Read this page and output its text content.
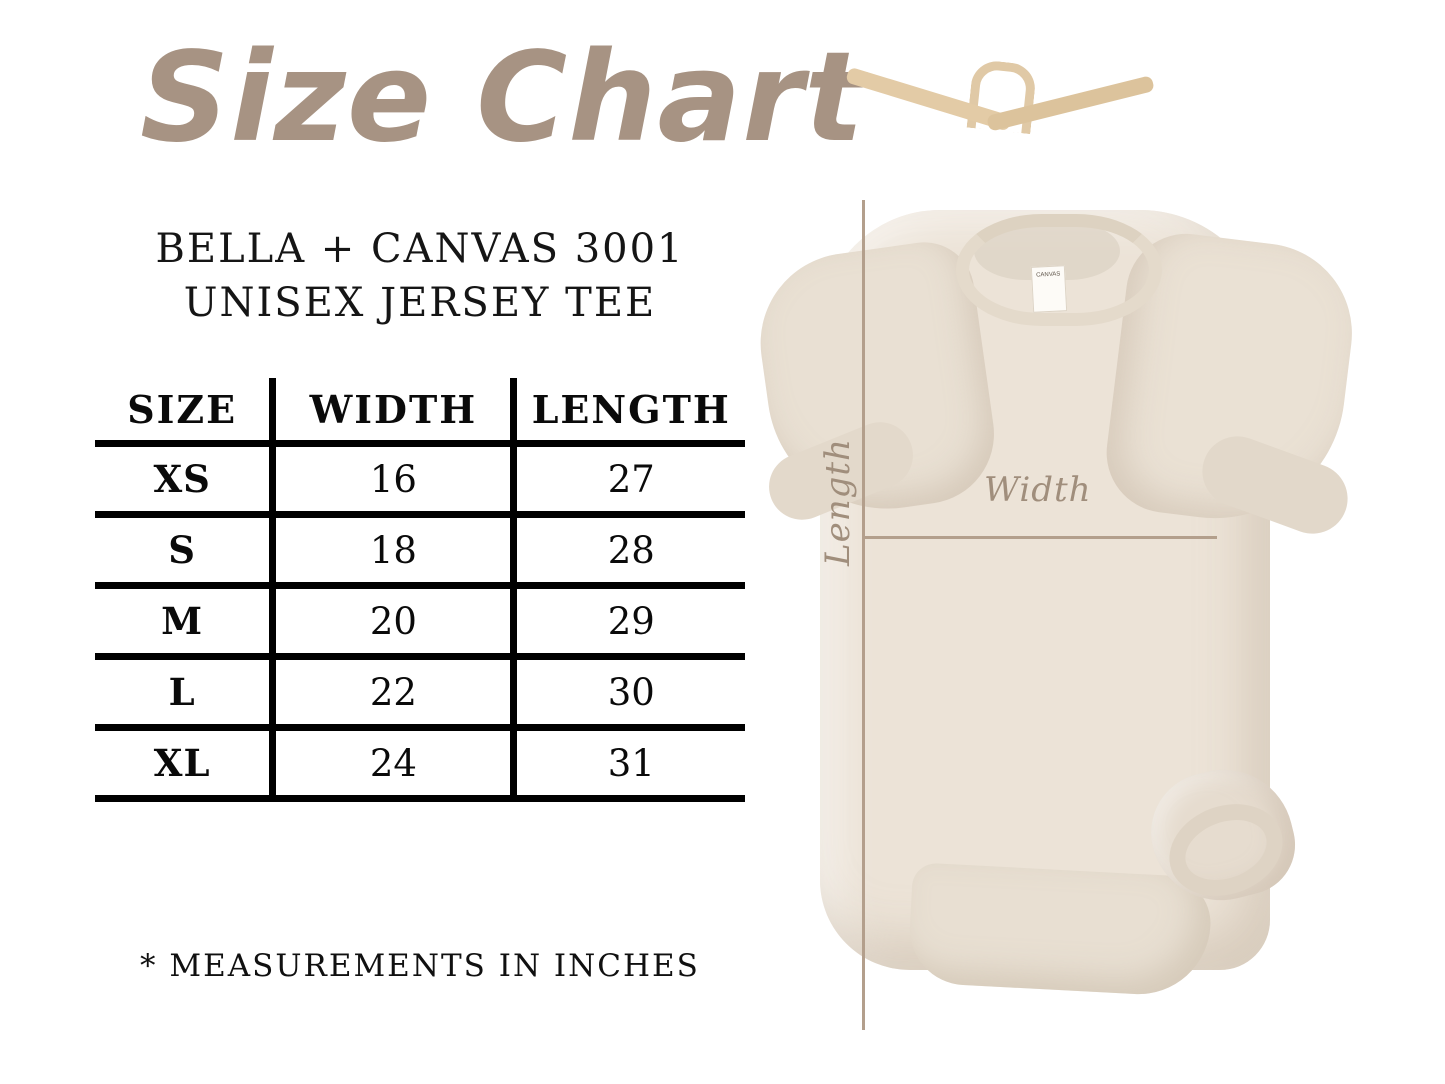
Size Chart
BELLA + CANVAS 3001
UNISEX JERSEY TEE
SIZE	WIDTH	LENGTH
XS	16	27
S	18	28
M	20	29
L	22	30
XL	24	31
* MEASUREMENTS IN INCHES
CANVAS
Width
Length
